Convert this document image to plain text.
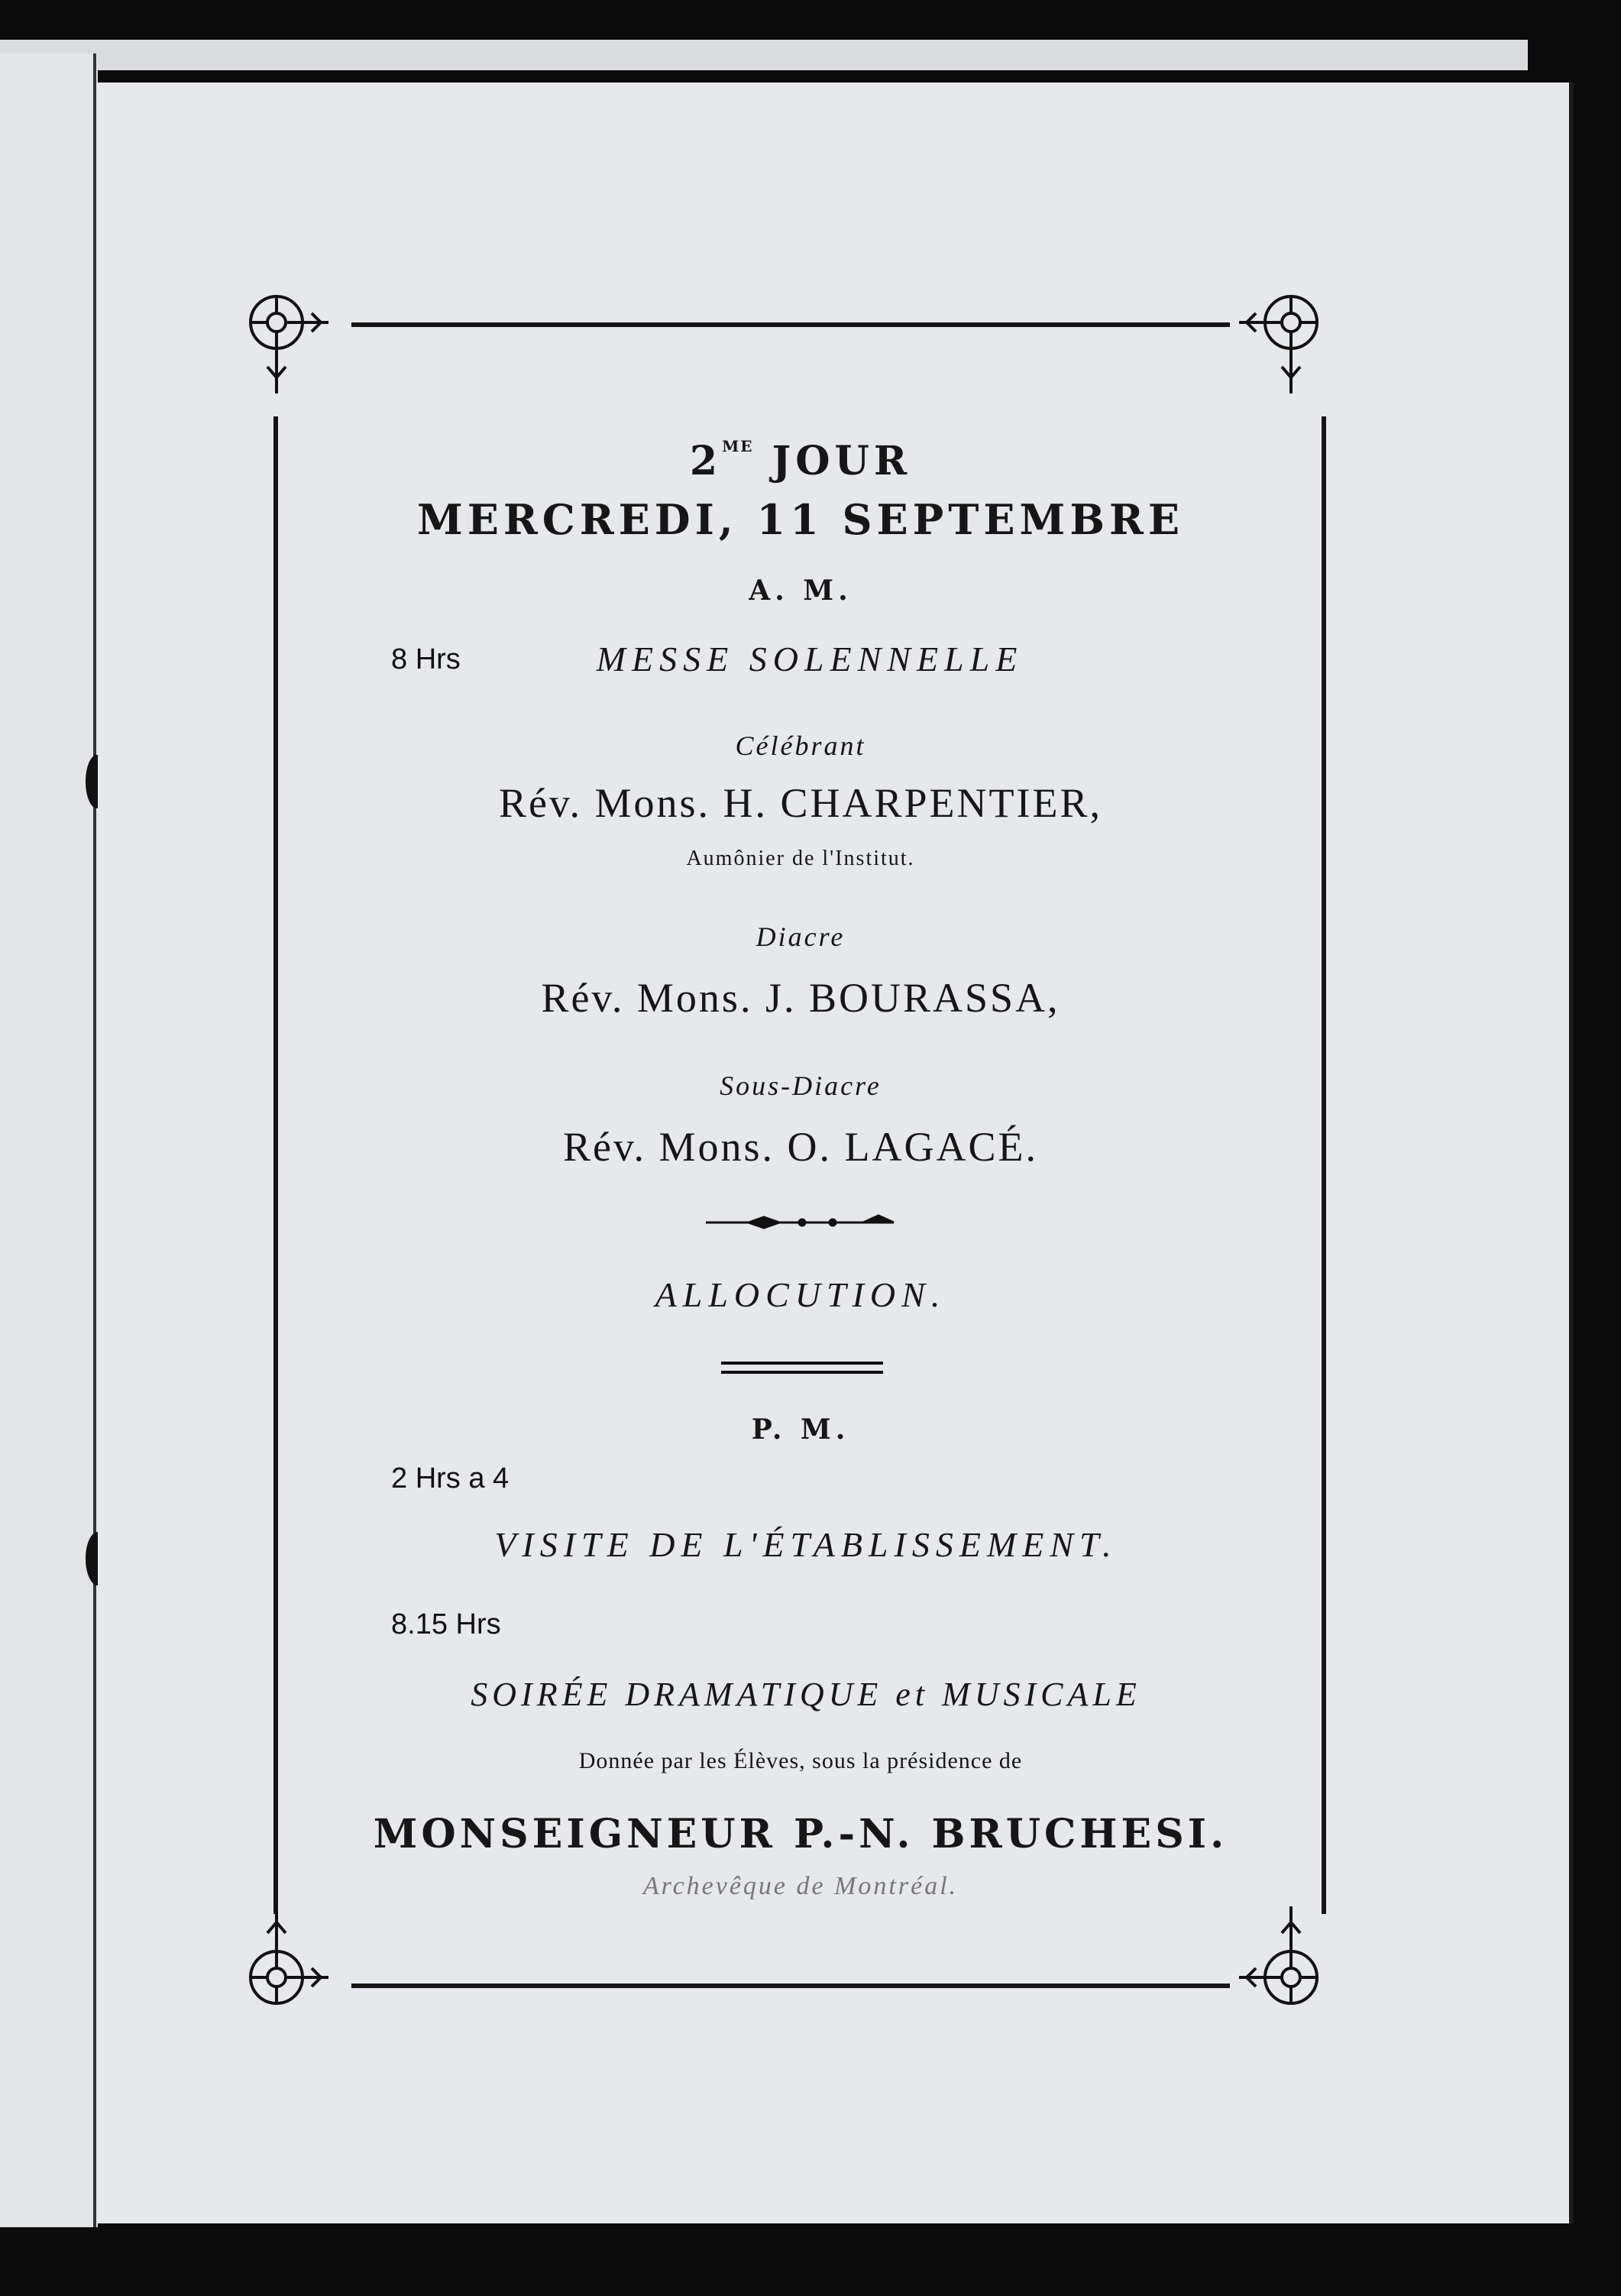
$2^{ME}$ JOUR

MERCREDI, 11 SEPTEMBRE

A. M.

8 Hrs	MESSE SOLENNELLE

Célébrant

Rév. Mons. H. CHARPENTIER,

Aumônier de l'Institut.

Diacre

Rév. Mons. J. BOURASSA,

Sous-Diacre

Rév. Mons. O. LAGACÉ.

ALLOCUTION.

P. M.

2 Hrs a 4

VISITE DE L'ÉTABLISSEMENT.

8.15 Hrs

SOIRÉE DRAMATIQUE et MUSICALE

Donnée par les Élèves, sous la présidence de

MONSEIGNEUR P.-N. BRUCHESI.

Archevêque de Montréal.
